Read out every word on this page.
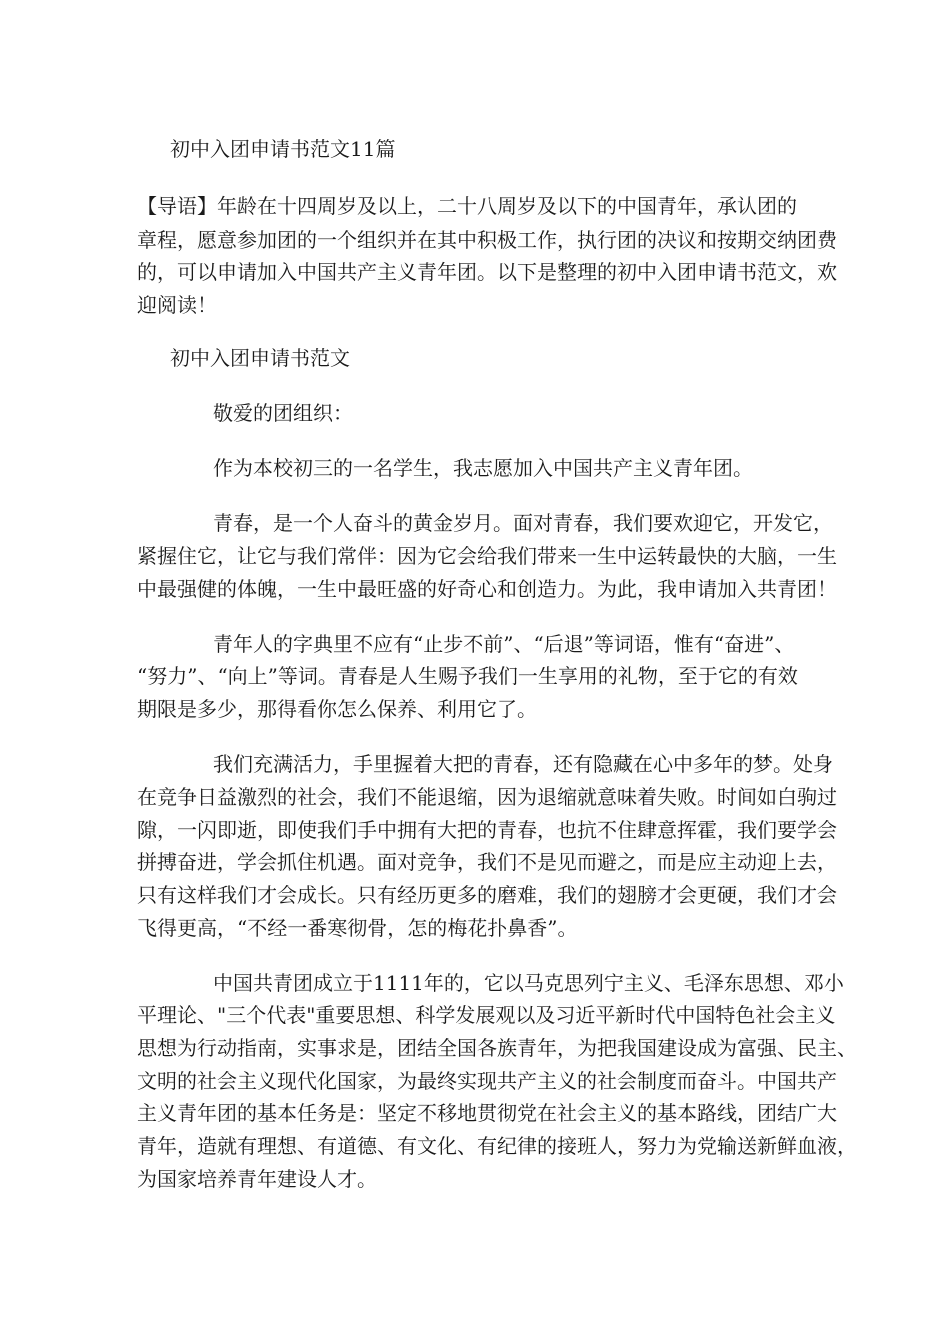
初中入团申请书范文11篇
【导语】年龄在十四周岁及以上，二十八周岁及以下的中国青年，承认团的
章程，愿意参加团的一个组织并在其中积极工作，执行团的决议和按期交纳团费
的，可以申请加入中国共产主义青年团。以下是整理的初中入团申请书范文，欢
迎阅读！
初中入团申请书范文
敬爱的团组织：
作为本校初三的一名学生，我志愿加入中国共产主义青年团。
青春，是一个人奋斗的黄金岁月。面对青春，我们要欢迎它，开发它，
紧握住它，让它与我们常伴：因为它会给我们带来一生中运转最快的大脑，一生
中最强健的体魄，一生中最旺盛的好奇心和创造力。为此，我申请加入共青团！
青年人的字典里不应有“止步不前”、“后退”等词语，惟有“奋进”、
“努力”、“向上”等词。青春是人生赐予我们一生享用的礼物，至于它的有效
期限是多少，那得看你怎么保养、利用它了。
我们充满活力，手里握着大把的青春，还有隐藏在心中多年的梦。处身
在竞争日益激烈的社会，我们不能退缩，因为退缩就意味着失败。时间如白驹过
隙，一闪即逝，即使我们手中拥有大把的青春，也抗不住肆意挥霍，我们要学会
拼搏奋进，学会抓住机遇。面对竞争，我们不是见而避之，而是应主动迎上去，
只有这样我们才会成长。只有经历更多的磨难，我们的翅膀才会更硬，我们才会
飞得更高，“不经一番寒彻骨，怎的梅花扑鼻香”。
中国共青团成立于1111年的，它以马克思列宁主义、毛泽东思想、邓小
平理论、"三个代表"重要思想、科学发展观以及习近平新时代中国特色社会主义
思想为行动指南，实事求是，团结全国各族青年，为把我国建设成为富强、民主、
文明的社会主义现代化国家，为最终实现共产主义的社会制度而奋斗。中国共产
主义青年团的基本任务是：坚定不移地贯彻党在社会主义的基本路线，团结广大
青年，造就有理想、有道德、有文化、有纪律的接班人，努力为党输送新鲜血液，
为国家培养青年建设人才。
